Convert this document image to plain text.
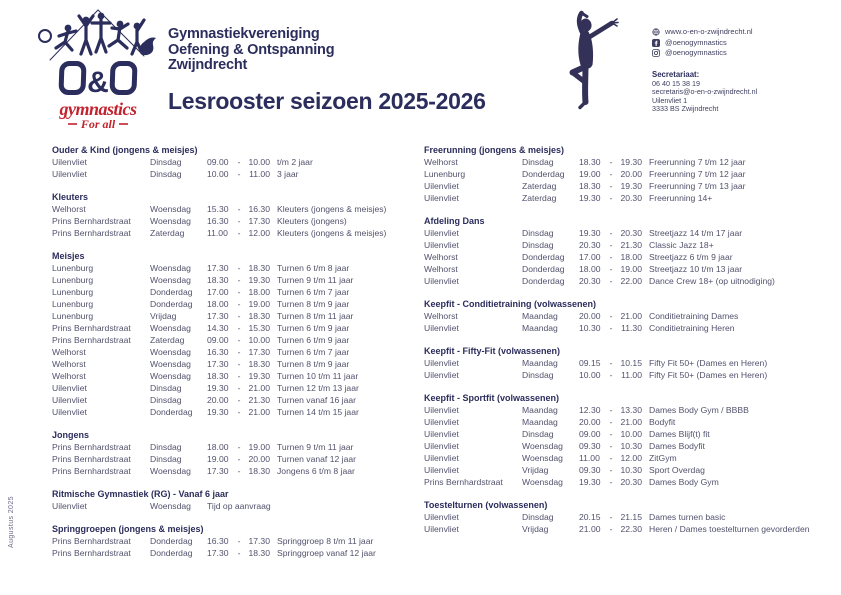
Augustus 2025
&
gymnastics
For all
Gymnastiekvereniging
Oefening & Ontspanning
Zwijndrecht
Lesrooster seizoen 2025-2026
www.o-en-o-zwijndrecht.nl
@oenogymnastics
@oenogymnastics
Secretariaat:
06 40 15 38 19
secretaris@o-en-o-zwijndrecht.nl
Uilenvliet 1
3333 BS Zwijndrecht
Ouder & Kind (jongens & meisjes)
Uilenvliet	Dinsdag	09.00	- 10.00 t/m 2 jaar
Uilenvliet	Dinsdag	10.00	-	11.00 3 jaar
Kleuters
Welhorst	Woensdag	15.30	- 16.30 Kleuters (jongens & meisjes)
Prins Bernhardstraat	Woensdag	16.30	- 17.30 Kleuters (jongens)
Prins Bernhardstraat	Zaterdag	11.00	- 12.00 Kleuters (jongens & meisjes)
Meisjes
Lunenburg	Woensdag	17.30	- 18.30 Turnen 6 t/m 8 jaar
Lunenburg	Woensdag	18.30	- 19.30 Turnen 9 t/m 11 jaar
Lunenburg	Donderdag	17.00	- 18.00 Turnen 6 t/m 7 jaar
Lunenburg	Donderdag	18.00	- 19.00 Turnen 8 t/m 9 jaar
Lunenburg	Vrijdag	17.30	- 18.30 Turnen 8 t/m 11 jaar
Prins Bernhardstraat	Woensdag	14.30	- 15.30 Turnen 6 t/m 9 jaar
Prins Bernhardstraat	Zaterdag	09.00	- 10.00 Turnen 6 t/m 9 jaar
Welhorst	Woensdag	16.30	- 17.30 Turnen 6 t/m 7 jaar
Welhorst	Woensdag	17.30	- 18.30 Turnen 8 t/m 9 jaar
Welhorst	Woensdag	18.30	- 19.30 Turnen 10 t/m 11 jaar
Uilenvliet	Dinsdag	19.30	- 21.00 Turnen 12 t/m 13 jaar
Uilenvliet	Dinsdag	20.00	- 21.30 Turnen vanaf 16 jaar
Uilenvliet	Donderdag	19.30	- 21.00 Turnen 14 t/m 15 jaar
Jongens
Prins Bernhardstraat	Dinsdag	18.00	- 19.00 Turnen 9 t/m 11 jaar
Prins Bernhardstraat	Dinsdag	19.00	- 20.00 Turnen vanaf 12 jaar
Prins Bernhardstraat	Woensdag	17.30	- 18.30 Jongens 6 t/m 8 jaar
Ritmische Gymnastiek (RG) - Vanaf 6 jaar
Uilenvliet	Woensdag	Tijd op aanvraag
Springgroepen (jongens & meisjes)
Prins Bernhardstraat	Donderdag	16.30	- 17.30 Springgroep 8 t/m 11 jaar
Prins Bernhardstraat	Donderdag	17.30	- 18.30 Springgroep vanaf 12 jaar
Freerunning (jongens & meisjes)
Welhorst	Dinsdag	18.30	- 19.30 Freerunning 7 t/m 12 jaar
Lunenburg	Donderdag	19.00	- 20.00 Freerunning 7 t/m 12 jaar
Uilenvliet	Zaterdag	18.30	- 19.30 Freerunning 7 t/m 13 jaar
Uilenvliet	Zaterdag	19.30	- 20.30 Freerunning 14+
Afdeling Dans
Uilenvliet	Dinsdag	19.30	- 20.30 Streetjazz 14 t/m 17 jaar
Uilenvliet	Dinsdag	20.30	- 21.30 Classic Jazz 18+
Welhorst	Donderdag	17.00	- 18.00 Streetjazz 6 t/m 9 jaar
Welhorst	Donderdag	18.00	- 19.00 Streetjazz 10 t/m 13 jaar
Uilenvliet	Donderdag	20.30	- 22.00 Dance Crew 18+ (op uitnodiging)
Keepfit - Conditietraining (volwassenen)
Welhorst	Maandag	20.00	- 21.00 Conditietraining Dames
Uilenvliet	Maandag	10.30	-	11.30 Conditietraining Heren
Keepfit - Fifty-Fit (volwassenen)
Uilenvliet	Maandag	09.15	- 10.15 Fifty Fit 50+ (Dames en Heren)
Uilenvliet	Dinsdag	10.00	-	11.00 Fifty Fit 50+ (Dames en Heren)
Keepfit - Sportfit (volwassenen)
Uilenvliet	Maandag	12.30	- 13.30 Dames Body Gym / BBBB
Uilenvliet	Maandag	20.00	- 21.00 Bodyfit
Uilenvliet	Dinsdag	09.00	- 10.00 Dames Blijf(t) fit
Uilenvliet	Woensdag	09.30	- 10.30 Dames Bodyfit
Uilenvliet	Woensdag	11.00	- 12.00 ZitGym
Uilenvliet	Vrijdag	09.30	- 10.30 Sport Overdag
Prins Bernhardstraat	Woensdag	19.30	- 20.30 Dames Body Gym
Toestelturnen (volwassenen)
Uilenvliet	Dinsdag	20.15	- 21.15 Dames turnen basic
Uilenvliet	Vrijdag	21.00	- 22.30 Heren / Dames toestelturnen gevorderden
